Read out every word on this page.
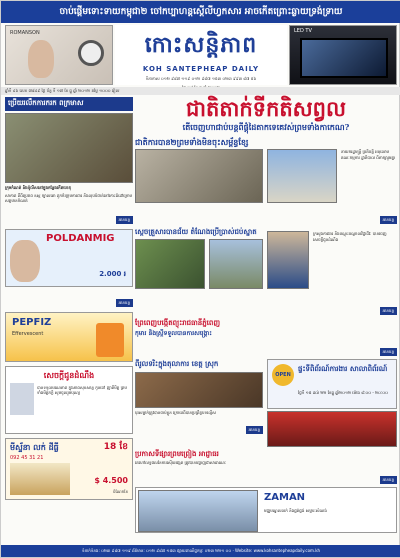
ចាប់ផ្ដើមទោះទាយកម្ពុជា២ ចៅកប្បាហន្តស្ដើលីហ្វកសារ អាចកើតព្រោះឆ្ងាយទ្រង់ទ្រាយ
ROMANSON	កោះសន្តិភាព
KOH SANTEPHEAP DAILY
ទិនាកាស ០១២ ៩៨៧ ១១៩ ០១២ ៩៨៧ ១៥៣ ០២៣ ៩៩៣ ៨៧ ៥៦
LED TV
ឆ្នាំទី ៤៦ លេខ ៧៨៤៩ ថ្ងៃ ច័ន្ទ ទី ១៧ ខែ ធ្នូ ឆ្នាំ ២០១២ តម្លៃ ១០០០ រៀល
ប្រើយរលឹកការករក ពក្រមាស
ក្រុមកំណត់ និងប៉ូលីសនៅក្នុងកន្លែងកើតហេតុ
សាកាព ពីពីរប្រភព ឧស្ម ក្បាលគោ ពួកកំរក្រុមការពារ និងលុបបំពាត់នៅកោះធំដៅក្រោមសត្វមានកំណត់
អានបន្ត
POLDANMIG
2.000 ៛
អានបន្ត
PEPFIZ
Effervescent
សេចក្ដីជូនដំណឹង
បានទទួលមរណភាព ក្នុងភាពសុខសាន្ត កូនចៅ ញាតិមិត្ត ព្រមទាំងមិត្តភក្តិ សូមចូលរួមបុណ្យ
មីស្ទ័នា លក់ ដីធ្លី	18 ខែ
092 45 31 21
$ 4.500
ចំណែកខែ
ជាតិតាក់ទីកតិសព្វល
តើចេញហាជាប់បន្ដពីផ្ដុំដៃតាកទេគេវស់ព្រមទាំងកាកេណ?
ជាតិការបាន២ព្រមទាំងមិនចុះសម្ព័ន្ធខ្សែ
នាយករដ្ឋមន្ត្រី ប្រតិបត្តិ អនុលោមគណៈកម្មការ ដ្ឋាភិបាល ពិភាក្សារួមគ្នា
អានបន្ត
ស្ដេចគ្រួសារបានជ័យ តំណែងប្រើប្រាស់ជប់ស្នាត	ក្រសួងការងារ និងបណ្ដុះបណ្ដាលវិជ្ជាជីវៈ បានចេញសេចក្ដីជូនដំណឹង
អានបន្ត
ព្រែពេញបង្កើតព្យុះរាជធានីភ្នំពេញ
កុមារ និងស្ត្រីទទួលបានការសង្គ្រោះ
អានបន្ត
ពីរូលទរិះក្នុងតុលាការ ខេត្ត ស្រុក
បុរសម្នាក់ត្រូវបានចាប់ខ្លួន ក្រោយពីបានប្រព្រឹត្តបទល្មើស
អានបន្ត
OPEN
ផ្ទះទីពិព័រណ៍ការងារ សាលាពិព័រណ៍
ថ្ងៃទី ១៥ ដល់ ២២ ខែធ្នូ ឆ្នាំ២០១២ ម៉ោង ៨:០០ - ២០:០០
ប្រកាសទីផ្សារព្រមព្រៀង អាជ្ញាធរ
គេហៅលទ្ធផលនៃការស៊ើបអង្កេត ត្រូវបានបង្ហាញជាសាធារណៈ
អានបន្ត
ZAMAN
មជ្ឈមណ្ឌលលក់ និងផ្គត់ផ្គង់ សម្ភារៈសំណង់
ទំនាក់ទំនង: ០២៣ ៩៨៧ ១១៩ ព័ត៌មាន: ០១២ ៩៨៧ ១៥៣ ផ្សាយពាណិជ្ជកម្ម: ០២៣ ២២១ ០០ · Website: www.kohsantepheapdaily.com.kh
